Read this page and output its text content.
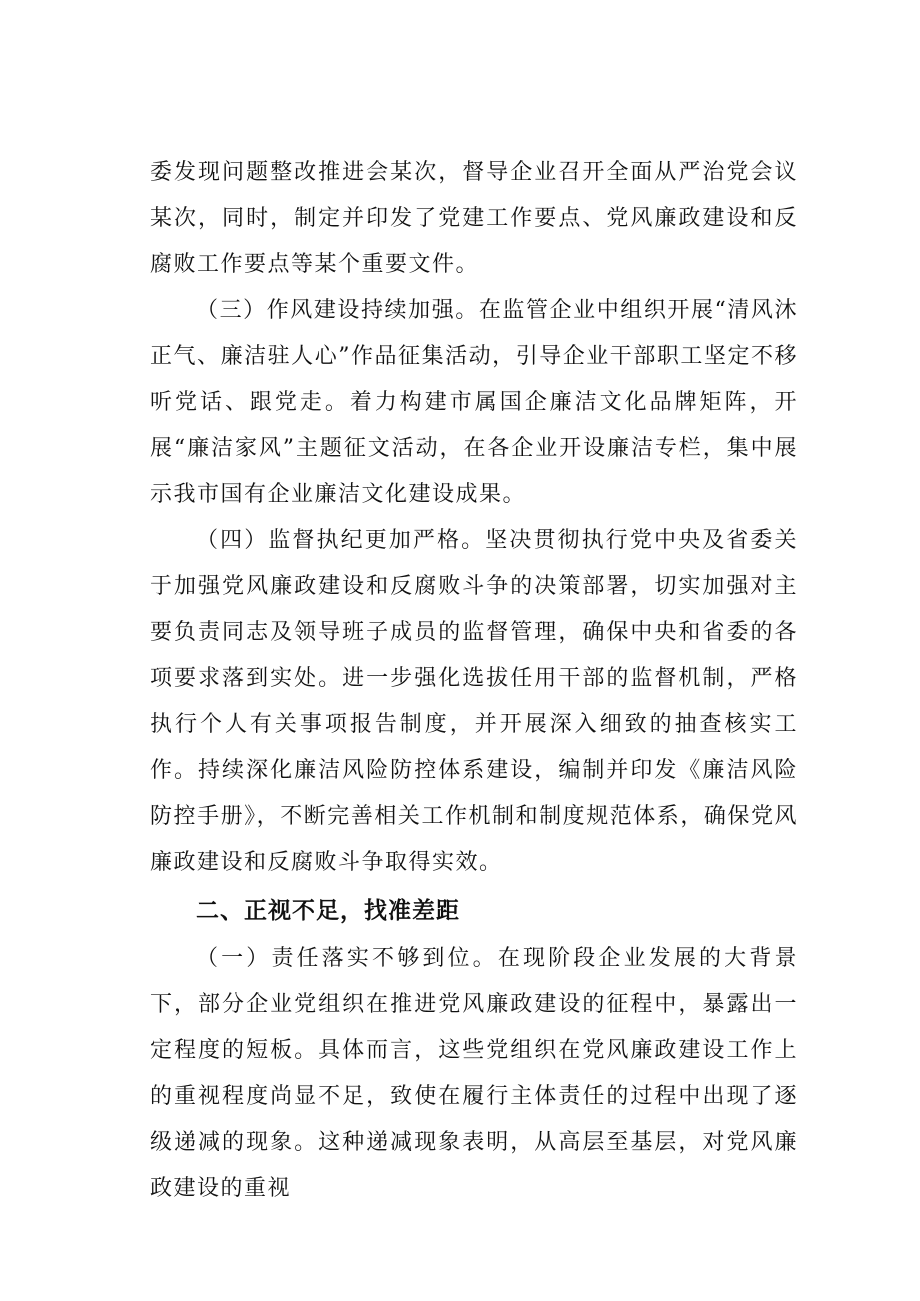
委发现问题整改推进会某次，督导企业召开全面从严治党会议某次，同时，制定并印发了党建工作要点、党风廉政建设和反腐败工作要点等某个重要文件。

（三）作风建设持续加强。在监管企业中组织开展“清风沐正气、廉洁驻人心”作品征集活动，引导企业干部职工坚定不移听党话、跟党走。着力构建市属国企廉洁文化品牌矩阵，开展“廉洁家风”主题征文活动，在各企业开设廉洁专栏，集中展示我市国有企业廉洁文化建设成果。

（四）监督执纪更加严格。坚决贯彻执行党中央及省委关于加强党风廉政建设和反腐败斗争的决策部署，切实加强对主要负责同志及领导班子成员的监督管理，确保中央和省委的各项要求落到实处。进一步强化选拔任用干部的监督机制，严格执行个人有关事项报告制度，并开展深入细致的抽查核实工作。持续深化廉洁风险防控体系建设，编制并印发《廉洁风险防控手册》，不断完善相关工作机制和制度规范体系，确保党风廉政建设和反腐败斗争取得实效。

二、正视不足，找准差距

（一）责任落实不够到位。在现阶段企业发展的大背景下，部分企业党组织在推进党风廉政建设的征程中，暴露出一定程度的短板。具体而言，这些党组织在党风廉政建设工作上的重视程度尚显不足，致使在履行主体责任的过程中出现了逐级递减的现象。这种递减现象表明，从高层至基层，对党风廉政建设的重视
